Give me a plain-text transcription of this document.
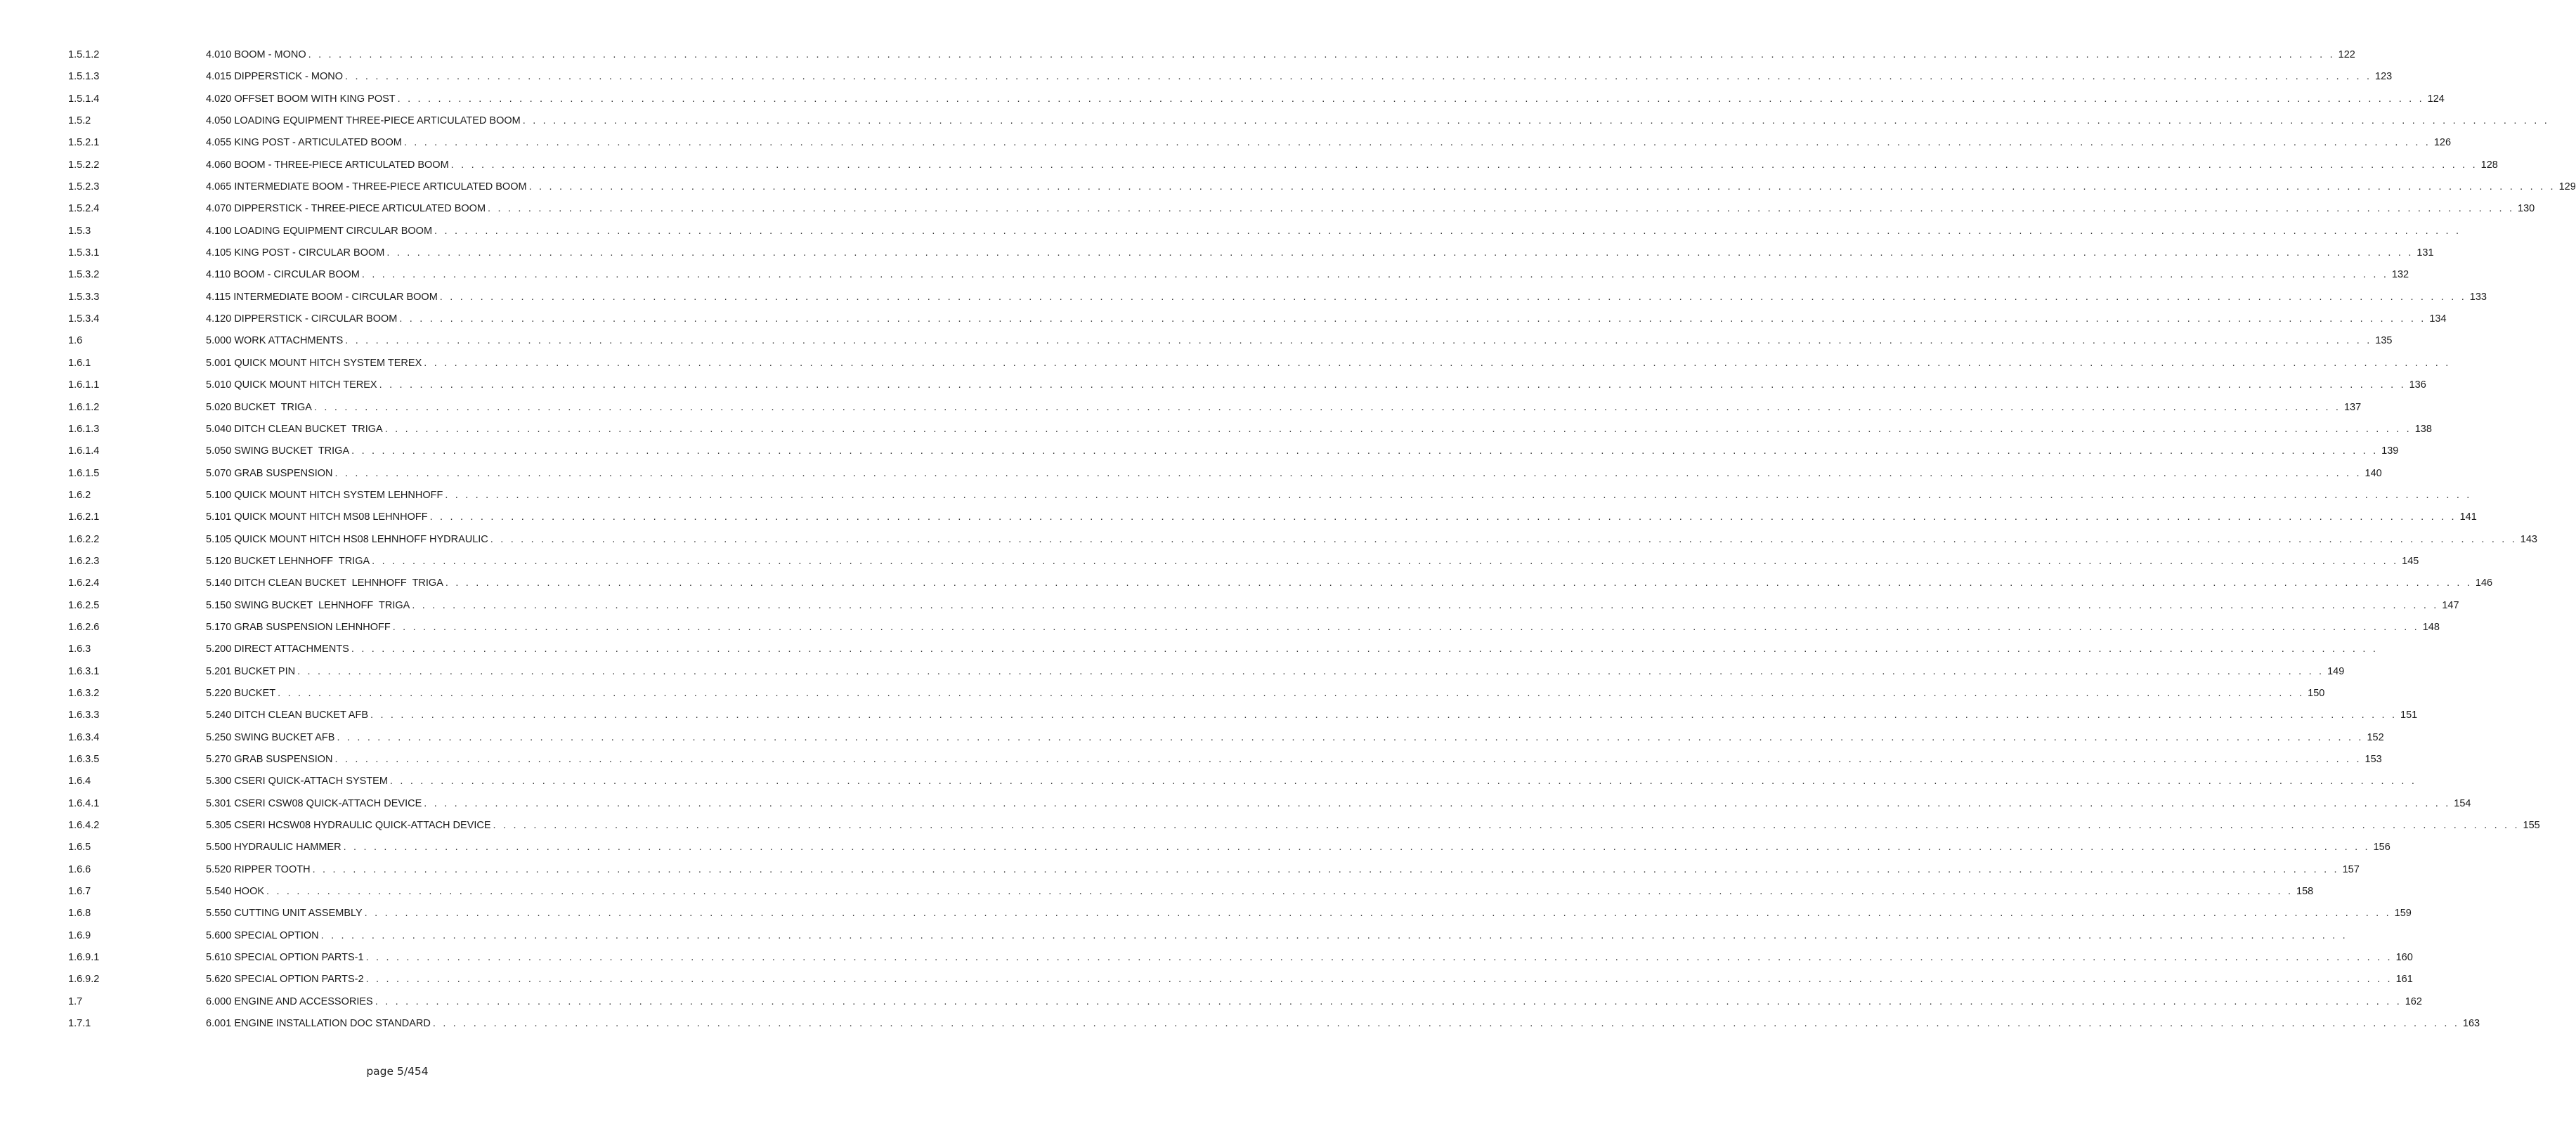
1.5.1.2	4.010 BOOM - MONO . . . . . . . . . . . . . . . . . . . . . . . . . . . . . . . . . . . . . . . . . . . . . . . . . . . . . . . . . . . . . . . . . . . . . . . . . . . . . . . . . . . . . . . . . . . . . . . . . . . . . . . . . . . . . . . . . . . . . . . . . . . . . . . . . . . . . . . . . . . . . . . . . . . . . . . . . . . . . . . . . . . . . . . . . . . . . . . . . . . . . . . . . . . . . . . . . . . . . . . . 122
1.5.1.3	4.015 DIPPERSTICK - MONO . . . . . . . . . . . . . . . . . . . . . . . . . . . . . . . . . . . . . . . . . . . . . . . . . . . . . . . . . . . . . . . . . . . . . . . . . . . . . . . . . . . . . . . . . . . . . . . . . . . . . . . . . . . . . . . . . . . . . . . . . . . . . . . . . . . . . . . . . . . . . . . . . . . . . . . . . . . . . . . . . . . . . . . . . . . . . . . . . . . . . . . . . . . . . . . . . . . . . . . . 123
1.5.1.4	4.020 OFFSET BOOM WITH KING POST . . . . . . . . . . . . . . . . . . . . . . . . . . . . . . . . . . . . . . . . . . . . . . . . . . . . . . . . . . . . . . . . . . . . . . . . . . . . . . . . . . . . . . . . . . . . . . . . . . . . . . . . . . . . . . . . . . . . . . . . . . . . . . . . . . . . . . . . . . . . . . . . . . . . . . . . . . . . . . . . . . . . . . . . . . . . . . . . . . . . . . . . . . . . . . . . . . . . . . . . 124
1.5.2	4.050 LOADING EQUIPMENT THREE-PIECE ARTICULATED BOOM . . . . . . . . . . . . . . . . . . . . . . . . . . . . . . . . . . . . . . . . . . . . . . . . . . . . . . . . . . . . . . . . . . . . . . . . . . . . . . . . . . . . . . . . . . . . . . . . . . . . . . . . . . . . . . . . . . . . . . . . . . . . . . . . . . . . . . . . . . . . . . . . . . . . . . . . . . . . . . . . . . . . . . . . . . . . . . . . . . . . . . . . . . . . . . . . . . . . . . . .
1.5.2.1	4.055 KING POST - ARTICULATED BOOM . . . . . . . . . . . . . . . . . . . . . . . . . . . . . . . . . . . . . . . . . . . . . . . . . . . . . . . . . . . . . . . . . . . . . . . . . . . . . . . . . . . . . . . . . . . . . . . . . . . . . . . . . . . . . . . . . . . . . . . . . . . . . . . . . . . . . . . . . . . . . . . . . . . . . . . . . . . . . . . . . . . . . . . . . . . . . . . . . . . . . . . . . . . . . . . . . . . . . . . . 126
1.5.2.2	4.060 BOOM - THREE-PIECE ARTICULATED BOOM . . . . . . . . . . . . . . . . . . . . . . . . . . . . . . . . . . . . . . . . . . . . . . . . . . . . . . . . . . . . . . . . . . . . . . . . . . . . . . . . . . . . . . . . . . . . . . . . . . . . . . . . . . . . . . . . . . . . . . . . . . . . . . . . . . . . . . . . . . . . . . . . . . . . . . . . . . . . . . . . . . . . . . . . . . . . . . . . . . . . . . . . . . . . . . . . . . . . . . . . 128
1.5.2.3	4.065 INTERMEDIATE BOOM - THREE-PIECE ARTICULATED BOOM . . . . . . . . . . . . . . . . . . . . . . . . . . . . . . . . . . . . . . . . . . . . . . . . . . . . . . . . . . . . . . . . . . . . . . . . . . . . . . . . . . . . . . . . . . . . . . . . . . . . . . . . . . . . . . . . . . . . . . . . . . . . . . . . . . . . . . . . . . . . . . . . . . . . . . . . . . . . . . . . . . . . . . . . . . . . . . . . . . . . . . . . . . . . . . . . . . . . . . . . 129
1.5.2.4	4.070 DIPPERSTICK - THREE-PIECE ARTICULATED BOOM . . . . . . . . . . . . . . . . . . . . . . . . . . . . . . . . . . . . . . . . . . . . . . . . . . . . . . . . . . . . . . . . . . . . . . . . . . . . . . . . . . . . . . . . . . . . . . . . . . . . . . . . . . . . . . . . . . . . . . . . . . . . . . . . . . . . . . . . . . . . . . . . . . . . . . . . . . . . . . . . . . . . . . . . . . . . . . . . . . . . . . . . . . . . . . . . . . . . . . . . 130
1.5.3	4.100 LOADING EQUIPMENT CIRCULAR BOOM . . . . . . . . . . . . . . . . . . . . . . . . . . . . . . . . . . . . . . . . . . . . . . . . . . . . . . . . . . . . . . . . . . . . . . . . . . . . . . . . . . . . . . . . . . . . . . . . . . . . . . . . . . . . . . . . . . . . . . . . . . . . . . . . . . . . . . . . . . . . . . . . . . . . . . . . . . . . . . . . . . . . . . . . . . . . . . . . . . . . . . . . . . . . . . . . . . . . . . . .
1.5.3.1	4.105 KING POST - CIRCULAR BOOM . . . . . . . . . . . . . . . . . . . . . . . . . . . . . . . . . . . . . . . . . . . . . . . . . . . . . . . . . . . . . . . . . . . . . . . . . . . . . . . . . . . . . . . . . . . . . . . . . . . . . . . . . . . . . . . . . . . . . . . . . . . . . . . . . . . . . . . . . . . . . . . . . . . . . . . . . . . . . . . . . . . . . . . . . . . . . . . . . . . . . . . . . . . . . . . . . . . . . . . . 131
1.5.3.2	4.110 BOOM - CIRCULAR BOOM . . . . . . . . . . . . . . . . . . . . . . . . . . . . . . . . . . . . . . . . . . . . . . . . . . . . . . . . . . . . . . . . . . . . . . . . . . . . . . . . . . . . . . . . . . . . . . . . . . . . . . . . . . . . . . . . . . . . . . . . . . . . . . . . . . . . . . . . . . . . . . . . . . . . . . . . . . . . . . . . . . . . . . . . . . . . . . . . . . . . . . . . . . . . . . . . . . . . . . . . 132
1.5.3.3	4.115 INTERMEDIATE BOOM - CIRCULAR BOOM . . . . . . . . . . . . . . . . . . . . . . . . . . . . . . . . . . . . . . . . . . . . . . . . . . . . . . . . . . . . . . . . . . . . . . . . . . . . . . . . . . . . . . . . . . . . . . . . . . . . . . . . . . . . . . . . . . . . . . . . . . . . . . . . . . . . . . . . . . . . . . . . . . . . . . . . . . . . . . . . . . . . . . . . . . . . . . . . . . . . . . . . . . . . . . . . . . . . . . . . 133
1.5.3.4	4.120 DIPPERSTICK - CIRCULAR BOOM . . . . . . . . . . . . . . . . . . . . . . . . . . . . . . . . . . . . . . . . . . . . . . . . . . . . . . . . . . . . . . . . . . . . . . . . . . . . . . . . . . . . . . . . . . . . . . . . . . . . . . . . . . . . . . . . . . . . . . . . . . . . . . . . . . . . . . . . . . . . . . . . . . . . . . . . . . . . . . . . . . . . . . . . . . . . . . . . . . . . . . . . . . . . . . . . . . . . . . . . 134
1.6	5.000 WORK ATTACHMENTS . . . . . . . . . . . . . . . . . . . . . . . . . . . . . . . . . . . . . . . . . . . . . . . . . . . . . . . . . . . . . . . . . . . . . . . . . . . . . . . . . . . . . . . . . . . . . . . . . . . . . . . . . . . . . . . . . . . . . . . . . . . . . . . . . . . . . . . . . . . . . . . . . . . . . . . . . . . . . . . . . . . . . . . . . . . . . . . . . . . . . . . . . . . . . . . . . . . . . . . . 135
1.6.1	5.001 QUICK MOUNT HITCH SYSTEM TEREX . . . . . . . . . . . . . . . . . . . . . . . . . . . . . . . . . . . . . . . . . . . . . . . . . . . . . . . . . . . . . . . . . . . . . . . . . . . . . . . . . . . . . . . . . . . . . . . . . . . . . . . . . . . . . . . . . . . . . . . . . . . . . . . . . . . . . . . . . . . . . . . . . . . . . . . . . . . . . . . . . . . . . . . . . . . . . . . . . . . . . . . . . . . . . . . . . . . . . . . .
1.6.1.1	5.010 QUICK MOUNT HITCH TEREX . . . . . . . . . . . . . . . . . . . . . . . . . . . . . . . . . . . . . . . . . . . . . . . . . . . . . . . . . . . . . . . . . . . . . . . . . . . . . . . . . . . . . . . . . . . . . . . . . . . . . . . . . . . . . . . . . . . . . . . . . . . . . . . . . . . . . . . . . . . . . . . . . . . . . . . . . . . . . . . . . . . . . . . . . . . . . . . . . . . . . . . . . . . . . . . . . . . . . . . . 136
1.6.1.2	5.020 BUCKET  TRIGA . . . . . . . . . . . . . . . . . . . . . . . . . . . . . . . . . . . . . . . . . . . . . . . . . . . . . . . . . . . . . . . . . . . . . . . . . . . . . . . . . . . . . . . . . . . . . . . . . . . . . . . . . . . . . . . . . . . . . . . . . . . . . . . . . . . . . . . . . . . . . . . . . . . . . . . . . . . . . . . . . . . . . . . . . . . . . . . . . . . . . . . . . . . . . . . . . . . . . . . . 137
1.6.1.3	5.040 DITCH CLEAN BUCKET  TRIGA . . . . . . . . . . . . . . . . . . . . . . . . . . . . . . . . . . . . . . . . . . . . . . . . . . . . . . . . . . . . . . . . . . . . . . . . . . . . . . . . . . . . . . . . . . . . . . . . . . . . . . . . . . . . . . . . . . . . . . . . . . . . . . . . . . . . . . . . . . . . . . . . . . . . . . . . . . . . . . . . . . . . . . . . . . . . . . . . . . . . . . . . . . . . . . . . . . . . . . . . 138
1.6.1.4	5.050 SWING BUCKET  TRIGA . . . . . . . . . . . . . . . . . . . . . . . . . . . . . . . . . . . . . . . . . . . . . . . . . . . . . . . . . . . . . . . . . . . . . . . . . . . . . . . . . . . . . . . . . . . . . . . . . . . . . . . . . . . . . . . . . . . . . . . . . . . . . . . . . . . . . . . . . . . . . . . . . . . . . . . . . . . . . . . . . . . . . . . . . . . . . . . . . . . . . . . . . . . . . . . . . . . . . . . . 139
1.6.1.5	5.070 GRAB SUSPENSION . . . . . . . . . . . . . . . . . . . . . . . . . . . . . . . . . . . . . . . . . . . . . . . . . . . . . . . . . . . . . . . . . . . . . . . . . . . . . . . . . . . . . . . . . . . . . . . . . . . . . . . . . . . . . . . . . . . . . . . . . . . . . . . . . . . . . . . . . . . . . . . . . . . . . . . . . . . . . . . . . . . . . . . . . . . . . . . . . . . . . . . . . . . . . . . . . . . . . . . . 140
1.6.2	5.100 QUICK MOUNT HITCH SYSTEM LEHNHOFF . . . . . . . . . . . . . . . . . . . . . . . . . . . . . . . . . . . . . . . . . . . . . . . . . . . . . . . . . . . . . . . . . . . . . . . . . . . . . . . . . . . . . . . . . . . . . . . . . . . . . . . . . . . . . . . . . . . . . . . . . . . . . . . . . . . . . . . . . . . . . . . . . . . . . . . . . . . . . . . . . . . . . . . . . . . . . . . . . . . . . . . . . . . . . . . . . . . . . . . .
1.6.2.1	5.101 QUICK MOUNT HITCH MS08 LEHNHOFF . . . . . . . . . . . . . . . . . . . . . . . . . . . . . . . . . . . . . . . . . . . . . . . . . . . . . . . . . . . . . . . . . . . . . . . . . . . . . . . . . . . . . . . . . . . . . . . . . . . . . . . . . . . . . . . . . . . . . . . . . . . . . . . . . . . . . . . . . . . . . . . . . . . . . . . . . . . . . . . . . . . . . . . . . . . . . . . . . . . . . . . . . . . . . . . . . . . . . . . . 141
1.6.2.2	5.105 QUICK MOUNT HITCH HS08 LEHNHOFF HYDRAULIC . . . . . . . . . . . . . . . . . . . . . . . . . . . . . . . . . . . . . . . . . . . . . . . . . . . . . . . . . . . . . . . . . . . . . . . . . . . . . . . . . . . . . . . . . . . . . . . . . . . . . . . . . . . . . . . . . . . . . . . . . . . . . . . . . . . . . . . . . . . . . . . . . . . . . . . . . . . . . . . . . . . . . . . . . . . . . . . . . . . . . . . . . . . . . . . . . . . . . . . . 143
1.6.2.3	5.120 BUCKET LEHNHOFF  TRIGA . . . . . . . . . . . . . . . . . . . . . . . . . . . . . . . . . . . . . . . . . . . . . . . . . . . . . . . . . . . . . . . . . . . . . . . . . . . . . . . . . . . . . . . . . . . . . . . . . . . . . . . . . . . . . . . . . . . . . . . . . . . . . . . . . . . . . . . . . . . . . . . . . . . . . . . . . . . . . . . . . . . . . . . . . . . . . . . . . . . . . . . . . . . . . . . . . . . . . . . . 145
1.6.2.4	5.140 DITCH CLEAN BUCKET  LEHNHOFF  TRIGA . . . . . . . . . . . . . . . . . . . . . . . . . . . . . . . . . . . . . . . . . . . . . . . . . . . . . . . . . . . . . . . . . . . . . . . . . . . . . . . . . . . . . . . . . . . . . . . . . . . . . . . . . . . . . . . . . . . . . . . . . . . . . . . . . . . . . . . . . . . . . . . . . . . . . . . . . . . . . . . . . . . . . . . . . . . . . . . . . . . . . . . . . . . . . . . . . . . . . . . . 146
1.6.2.5	5.150 SWING BUCKET  LEHNHOFF  TRIGA . . . . . . . . . . . . . . . . . . . . . . . . . . . . . . . . . . . . . . . . . . . . . . . . . . . . . . . . . . . . . . . . . . . . . . . . . . . . . . . . . . . . . . . . . . . . . . . . . . . . . . . . . . . . . . . . . . . . . . . . . . . . . . . . . . . . . . . . . . . . . . . . . . . . . . . . . . . . . . . . . . . . . . . . . . . . . . . . . . . . . . . . . . . . . . . . . . . . . . . . 147
1.6.2.6	5.170 GRAB SUSPENSION LEHNHOFF . . . . . . . . . . . . . . . . . . . . . . . . . . . . . . . . . . . . . . . . . . . . . . . . . . . . . . . . . . . . . . . . . . . . . . . . . . . . . . . . . . . . . . . . . . . . . . . . . . . . . . . . . . . . . . . . . . . . . . . . . . . . . . . . . . . . . . . . . . . . . . . . . . . . . . . . . . . . . . . . . . . . . . . . . . . . . . . . . . . . . . . . . . . . . . . . . . . . . . . . 148
1.6.3	5.200 DIRECT ATTACHMENTS . . . . . . . . . . . . . . . . . . . . . . . . . . . . . . . . . . . . . . . . . . . . . . . . . . . . . . . . . . . . . . . . . . . . . . . . . . . . . . . . . . . . . . . . . . . . . . . . . . . . . . . . . . . . . . . . . . . . . . . . . . . . . . . . . . . . . . . . . . . . . . . . . . . . . . . . . . . . . . . . . . . . . . . . . . . . . . . . . . . . . . . . . . . . . . . . . . . . . . . .
1.6.3.1	5.201 BUCKET PIN . . . . . . . . . . . . . . . . . . . . . . . . . . . . . . . . . . . . . . . . . . . . . . . . . . . . . . . . . . . . . . . . . . . . . . . . . . . . . . . . . . . . . . . . . . . . . . . . . . . . . . . . . . . . . . . . . . . . . . . . . . . . . . . . . . . . . . . . . . . . . . . . . . . . . . . . . . . . . . . . . . . . . . . . . . . . . . . . . . . . . . . . . . . . . . . . . . . . . . . . 149
1.6.3.2	5.220 BUCKET . . . . . . . . . . . . . . . . . . . . . . . . . . . . . . . . . . . . . . . . . . . . . . . . . . . . . . . . . . . . . . . . . . . . . . . . . . . . . . . . . . . . . . . . . . . . . . . . . . . . . . . . . . . . . . . . . . . . . . . . . . . . . . . . . . . . . . . . . . . . . . . . . . . . . . . . . . . . . . . . . . . . . . . . . . . . . . . . . . . . . . . . . . . . . . . . . . . . . . . . 150
1.6.3.3	5.240 DITCH CLEAN BUCKET AFB . . . . . . . . . . . . . . . . . . . . . . . . . . . . . . . . . . . . . . . . . . . . . . . . . . . . . . . . . . . . . . . . . . . . . . . . . . . . . . . . . . . . . . . . . . . . . . . . . . . . . . . . . . . . . . . . . . . . . . . . . . . . . . . . . . . . . . . . . . . . . . . . . . . . . . . . . . . . . . . . . . . . . . . . . . . . . . . . . . . . . . . . . . . . . . . . . . . . . . . . 151
1.6.3.4	5.250 SWING BUCKET AFB . . . . . . . . . . . . . . . . . . . . . . . . . . . . . . . . . . . . . . . . . . . . . . . . . . . . . . . . . . . . . . . . . . . . . . . . . . . . . . . . . . . . . . . . . . . . . . . . . . . . . . . . . . . . . . . . . . . . . . . . . . . . . . . . . . . . . . . . . . . . . . . . . . . . . . . . . . . . . . . . . . . . . . . . . . . . . . . . . . . . . . . . . . . . . . . . . . . . . . . . 152
1.6.3.5	5.270 GRAB SUSPENSION . . . . . . . . . . . . . . . . . . . . . . . . . . . . . . . . . . . . . . . . . . . . . . . . . . . . . . . . . . . . . . . . . . . . . . . . . . . . . . . . . . . . . . . . . . . . . . . . . . . . . . . . . . . . . . . . . . . . . . . . . . . . . . . . . . . . . . . . . . . . . . . . . . . . . . . . . . . . . . . . . . . . . . . . . . . . . . . . . . . . . . . . . . . . . . . . . . . . . . . . 153
1.6.4	5.300 CSERI QUICK-ATTACH SYSTEM . . . . . . . . . . . . . . . . . . . . . . . . . . . . . . . . . . . . . . . . . . . . . . . . . . . . . . . . . . . . . . . . . . . . . . . . . . . . . . . . . . . . . . . . . . . . . . . . . . . . . . . . . . . . . . . . . . . . . . . . . . . . . . . . . . . . . . . . . . . . . . . . . . . . . . . . . . . . . . . . . . . . . . . . . . . . . . . . . . . . . . . . . . . . . . . . . . . . . . . .
1.6.4.1	5.301 CSERI CSW08 QUICK-ATTACH DEVICE . . . . . . . . . . . . . . . . . . . . . . . . . . . . . . . . . . . . . . . . . . . . . . . . . . . . . . . . . . . . . . . . . . . . . . . . . . . . . . . . . . . . . . . . . . . . . . . . . . . . . . . . . . . . . . . . . . . . . . . . . . . . . . . . . . . . . . . . . . . . . . . . . . . . . . . . . . . . . . . . . . . . . . . . . . . . . . . . . . . . . . . . . . . . . . . . . . . . . . . . 154
1.6.4.2	5.305 CSERI HCSW08 HYDRAULIC QUICK-ATTACH DEVICE . . . . . . . . . . . . . . . . . . . . . . . . . . . . . . . . . . . . . . . . . . . . . . . . . . . . . . . . . . . . . . . . . . . . . . . . . . . . . . . . . . . . . . . . . . . . . . . . . . . . . . . . . . . . . . . . . . . . . . . . . . . . . . . . . . . . . . . . . . . . . . . . . . . . . . . . . . . . . . . . . . . . . . . . . . . . . . . . . . . . . . . . . . . . . . . . . . . . . . . . 155
1.6.5	5.500 HYDRAULIC HAMMER . . . . . . . . . . . . . . . . . . . . . . . . . . . . . . . . . . . . . . . . . . . . . . . . . . . . . . . . . . . . . . . . . . . . . . . . . . . . . . . . . . . . . . . . . . . . . . . . . . . . . . . . . . . . . . . . . . . . . . . . . . . . . . . . . . . . . . . . . . . . . . . . . . . . . . . . . . . . . . . . . . . . . . . . . . . . . . . . . . . . . . . . . . . . . . . . . . . . . . . . 156
1.6.6	5.520 RIPPER TOOTH . . . . . . . . . . . . . . . . . . . . . . . . . . . . . . . . . . . . . . . . . . . . . . . . . . . . . . . . . . . . . . . . . . . . . . . . . . . . . . . . . . . . . . . . . . . . . . . . . . . . . . . . . . . . . . . . . . . . . . . . . . . . . . . . . . . . . . . . . . . . . . . . . . . . . . . . . . . . . . . . . . . . . . . . . . . . . . . . . . . . . . . . . . . . . . . . . . . . . . . . 157
1.6.7	5.540 HOOK . . . . . . . . . . . . . . . . . . . . . . . . . . . . . . . . . . . . . . . . . . . . . . . . . . . . . . . . . . . . . . . . . . . . . . . . . . . . . . . . . . . . . . . . . . . . . . . . . . . . . . . . . . . . . . . . . . . . . . . . . . . . . . . . . . . . . . . . . . . . . . . . . . . . . . . . . . . . . . . . . . . . . . . . . . . . . . . . . . . . . . . . . . . . . . . . . . . . . . . . 158
1.6.8	5.550 CUTTING UNIT ASSEMBLY . . . . . . . . . . . . . . . . . . . . . . . . . . . . . . . . . . . . . . . . . . . . . . . . . . . . . . . . . . . . . . . . . . . . . . . . . . . . . . . . . . . . . . . . . . . . . . . . . . . . . . . . . . . . . . . . . . . . . . . . . . . . . . . . . . . . . . . . . . . . . . . . . . . . . . . . . . . . . . . . . . . . . . . . . . . . . . . . . . . . . . . . . . . . . . . . . . . . . . . . 159
1.6.9	5.600 SPECIAL OPTION . . . . . . . . . . . . . . . . . . . . . . . . . . . . . . . . . . . . . . . . . . . . . . . . . . . . . . . . . . . . . . . . . . . . . . . . . . . . . . . . . . . . . . . . . . . . . . . . . . . . . . . . . . . . . . . . . . . . . . . . . . . . . . . . . . . . . . . . . . . . . . . . . . . . . . . . . . . . . . . . . . . . . . . . . . . . . . . . . . . . . . . . . . . . . . . . . . . . . . . .
1.6.9.1	5.610 SPECIAL OPTION PARTS-1 . . . . . . . . . . . . . . . . . . . . . . . . . . . . . . . . . . . . . . . . . . . . . . . . . . . . . . . . . . . . . . . . . . . . . . . . . . . . . . . . . . . . . . . . . . . . . . . . . . . . . . . . . . . . . . . . . . . . . . . . . . . . . . . . . . . . . . . . . . . . . . . . . . . . . . . . . . . . . . . . . . . . . . . . . . . . . . . . . . . . . . . . . . . . . . . . . . . . . . . . 160
1.6.9.2	5.620 SPECIAL OPTION PARTS-2 . . . . . . . . . . . . . . . . . . . . . . . . . . . . . . . . . . . . . . . . . . . . . . . . . . . . . . . . . . . . . . . . . . . . . . . . . . . . . . . . . . . . . . . . . . . . . . . . . . . . . . . . . . . . . . . . . . . . . . . . . . . . . . . . . . . . . . . . . . . . . . . . . . . . . . . . . . . . . . . . . . . . . . . . . . . . . . . . . . . . . . . . . . . . . . . . . . . . . . . . 161
1.7	6.000 ENGINE AND ACCESSORIES . . . . . . . . . . . . . . . . . . . . . . . . . . . . . . . . . . . . . . . . . . . . . . . . . . . . . . . . . . . . . . . . . . . . . . . . . . . . . . . . . . . . . . . . . . . . . . . . . . . . . . . . . . . . . . . . . . . . . . . . . . . . . . . . . . . . . . . . . . . . . . . . . . . . . . . . . . . . . . . . . . . . . . . . . . . . . . . . . . . . . . . . . . . . . . . . . . . . . . . . 162
1.7.1	6.001 ENGINE INSTALLATION DOC STANDARD . . . . . . . . . . . . . . . . . . . . . . . . . . . . . . . . . . . . . . . . . . . . . . . . . . . . . . . . . . . . . . . . . . . . . . . . . . . . . . . . . . . . . . . . . . . . . . . . . . . . . . . . . . . . . . . . . . . . . . . . . . . . . . . . . . . . . . . . . . . . . . . . . . . . . . . . . . . . . . . . . . . . . . . . . . . . . . . . . . . . . . . . . . . . . . . . . . . . . . . . 163
page 5/454
